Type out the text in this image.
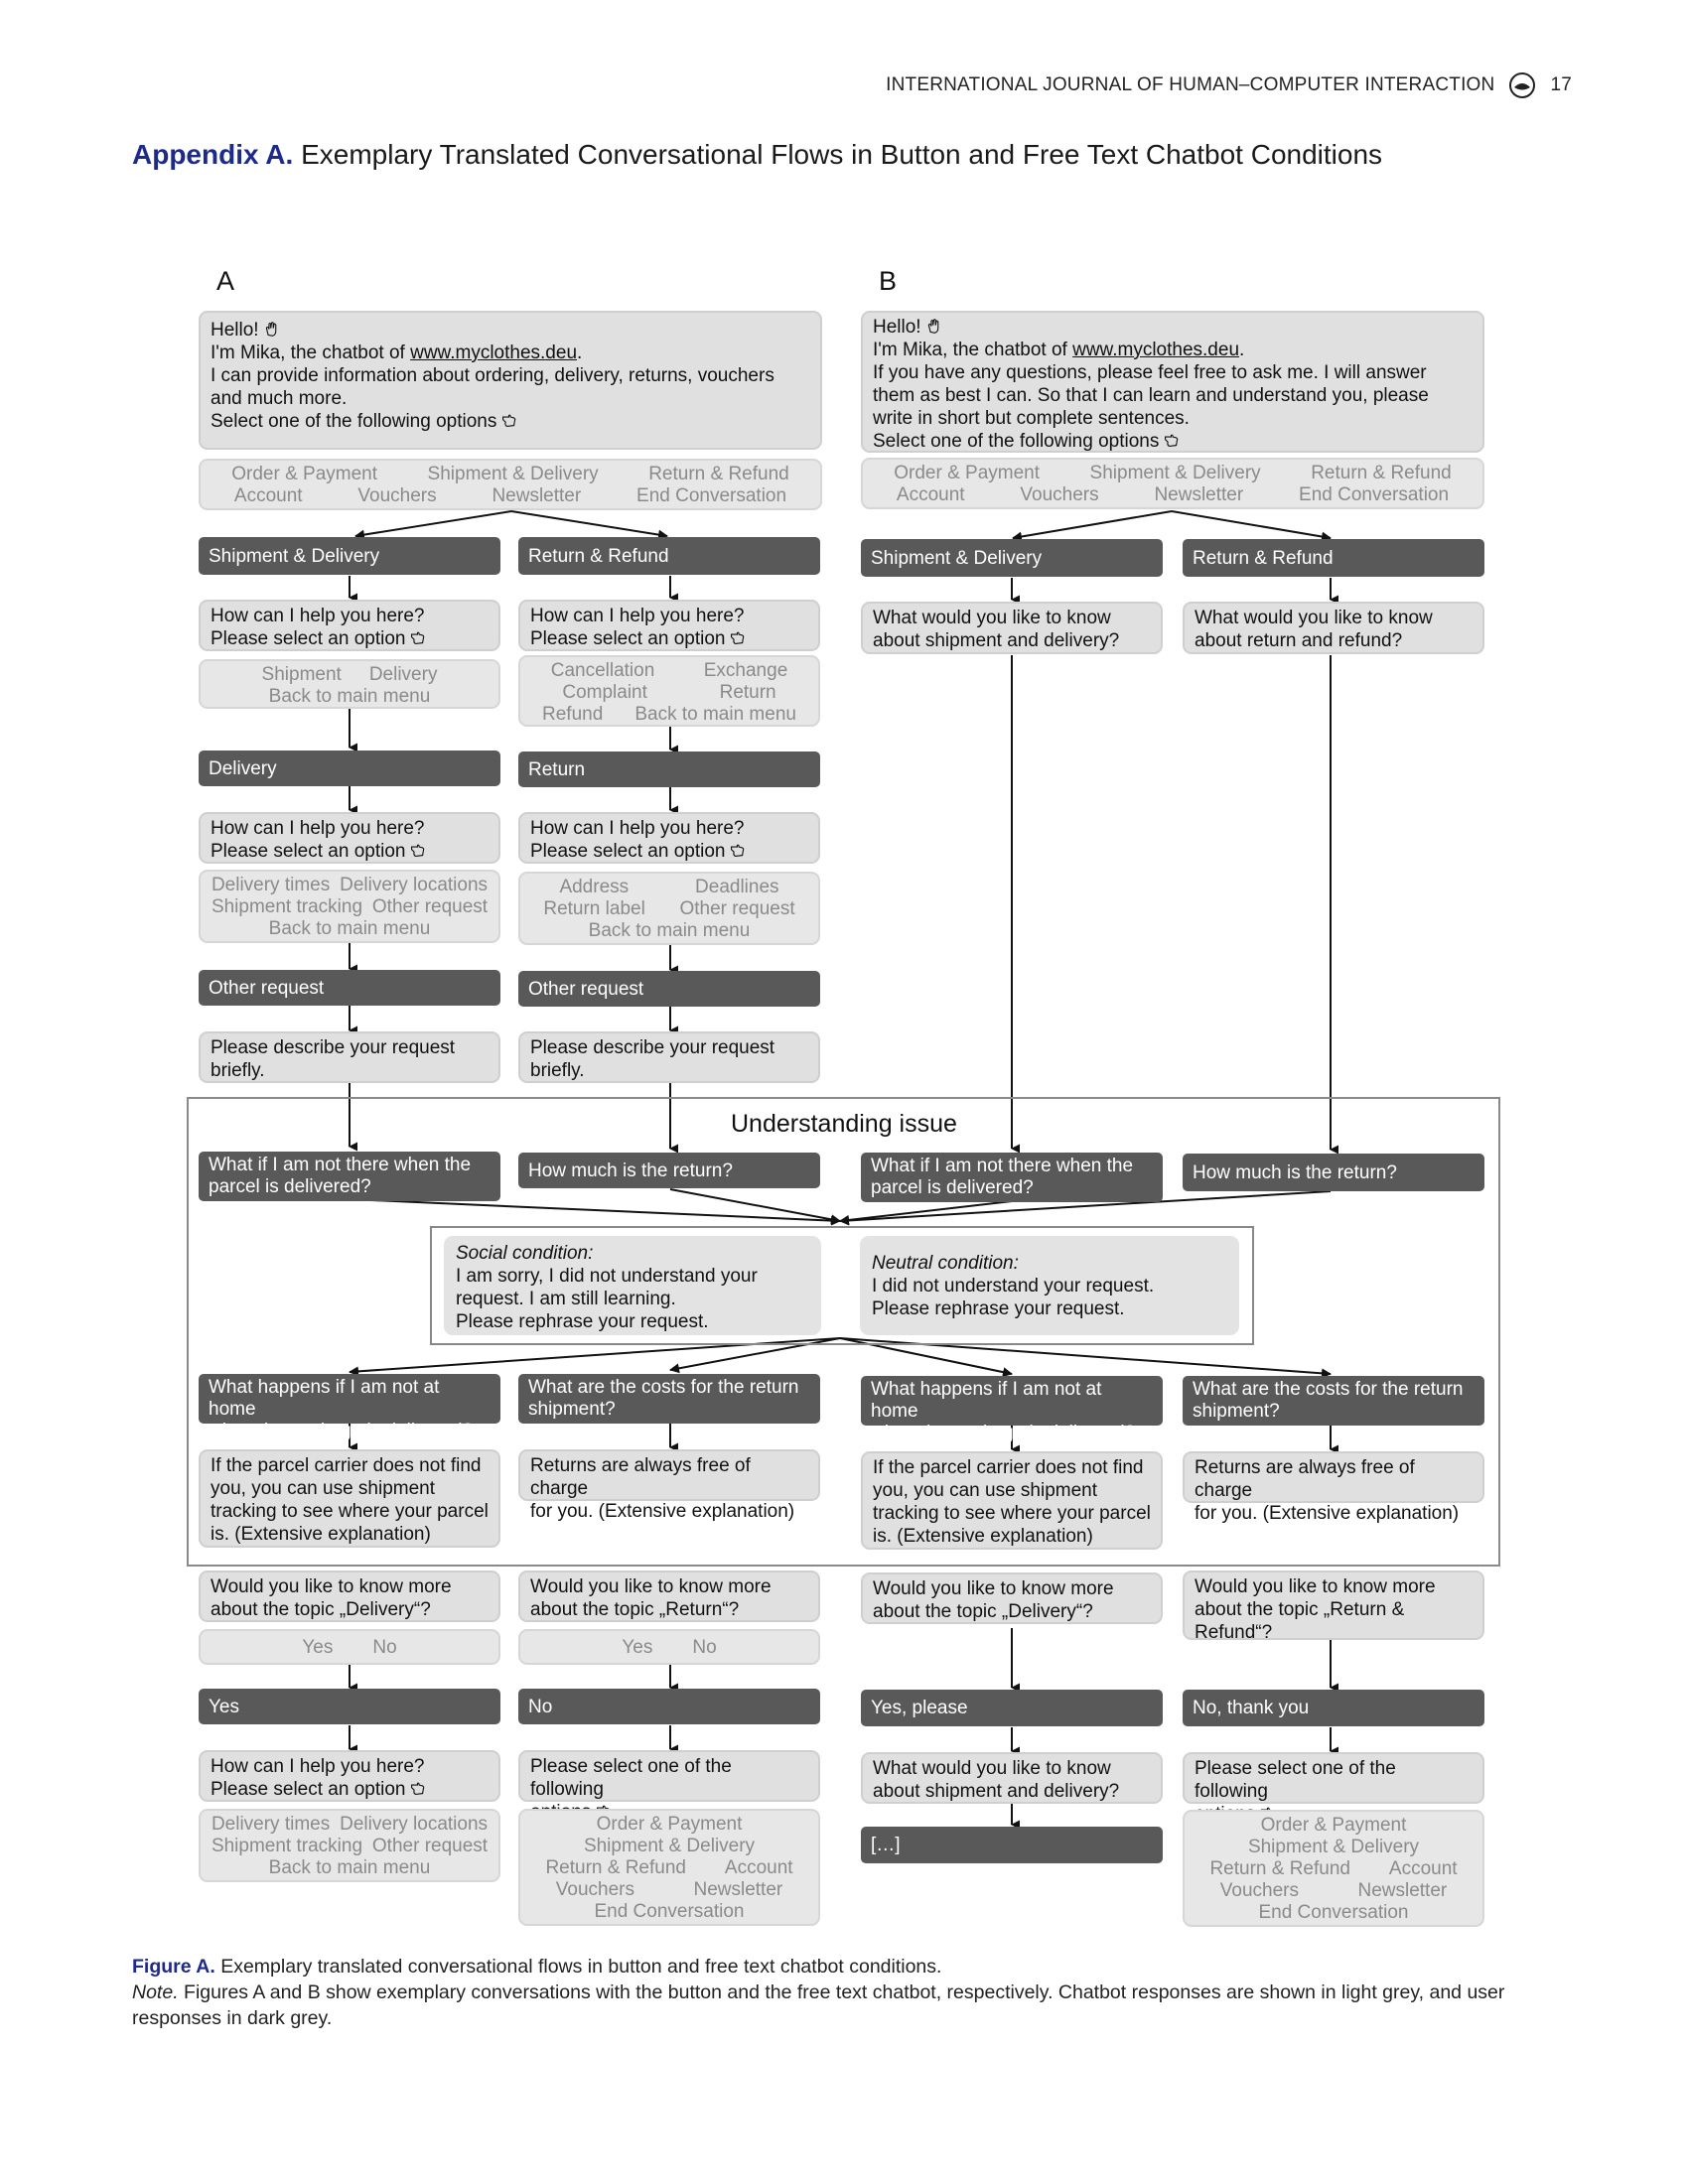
INTERNATIONAL JOURNAL OF HUMAN–COMPUTER INTERACTION	17
Appendix A. Exemplary Translated Conversational Flows in Button and Free Text Chatbot Conditions
A	B
Hello!
I'm Mika, the chatbot of www.myclothes.deu.
I can provide information about ordering, delivery, returns, vouchers
and much more.
Select one of the following options
Order & Payment	Shipment & Delivery	Return & Refund
Account	Vouchers	Newsletter	End Conversation
Shipment & Delivery
How can I help you here?
Please select an option
Shipment Delivery
Back to main menu
Delivery
How can I help you here?
Please select an option
Delivery times Delivery locations
Shipment tracking Other request
Back to main menu
Other request
Please describe your request
briefly.
Return & Refund
How can I help you here?
Please select an option
Cancellation	Exchange
Complaint	Return
Refund Back to main menu
Return
How can I help you here?
Please select an option
Address	Deadlines
Return label Other request
Back to main menu
Other request
Please describe your request
briefly.
Hello!
I'm Mika, the chatbot of www.myclothes.deu.
If you have any questions, please feel free to ask me. I will answer
them as best I can. So that I can learn and understand you, please
write in short but complete sentences.
Select one of the following options
Order & Payment	Shipment & Delivery	Return & Refund
Account	Vouchers	Newsletter	End Conversation
Shipment & Delivery
What would you like to know
about shipment and delivery?
Return & Refund
What would you like to know
about return and refund?
Understanding issue
What if I am not there when the
parcel is delivered?
How much is the return?	What if I am not there when the
parcel is delivered?
How much is the return?
Social condition:
I am sorry, I did not understand your
request. I am still learning.
Please rephrase your request.
Neutral condition:
I did not understand your request.
Please rephrase your request.
What happens if I am not at home
when the package is delivered?
What are the costs for the return
shipment?
What happens if I am not at home
when the package is delivered?
What are the costs for the return
shipment?
If the parcel carrier does not find
you, you can use shipment
tracking to see where your parcel
is. (Extensive explanation)
Returns are always free of charge
for you. (Extensive explanation)
If the parcel carrier does not find
you, you can use shipment
tracking to see where your parcel
is. (Extensive explanation)
Returns are always free of charge
for you. (Extensive explanation)
Would you like to know more
about the topic „Delivery“?
Yes No
Yes
How can I help you here?
Please select an option
Delivery times Delivery locations
Shipment tracking Other request
Back to main menu
Would you like to know more
about the topic „Return“?
Yes No
No
Please select one of the following
Order & Payment
Shipment & Delivery
Return & Refund Account
Vouchers	Newsletter
End Conversation
Would you like to know more
about the topic „Delivery“?
Yes, please
What would you like to know
about shipment and delivery?
[…]
Would you like to know more
about the topic „Return &
Refund“?
No, thank you
Please select one of the following
Order & Payment
Shipment & Delivery
Return & Refund Account
Vouchers	Newsletter
End Conversation
Figure A. Exemplary translated conversational flows in button and free text chatbot conditions.
Note. Figures A and B show exemplary conversations with the button and the free text chatbot, respectively. Chatbot responses are shown in light grey, and user responses in dark grey.
